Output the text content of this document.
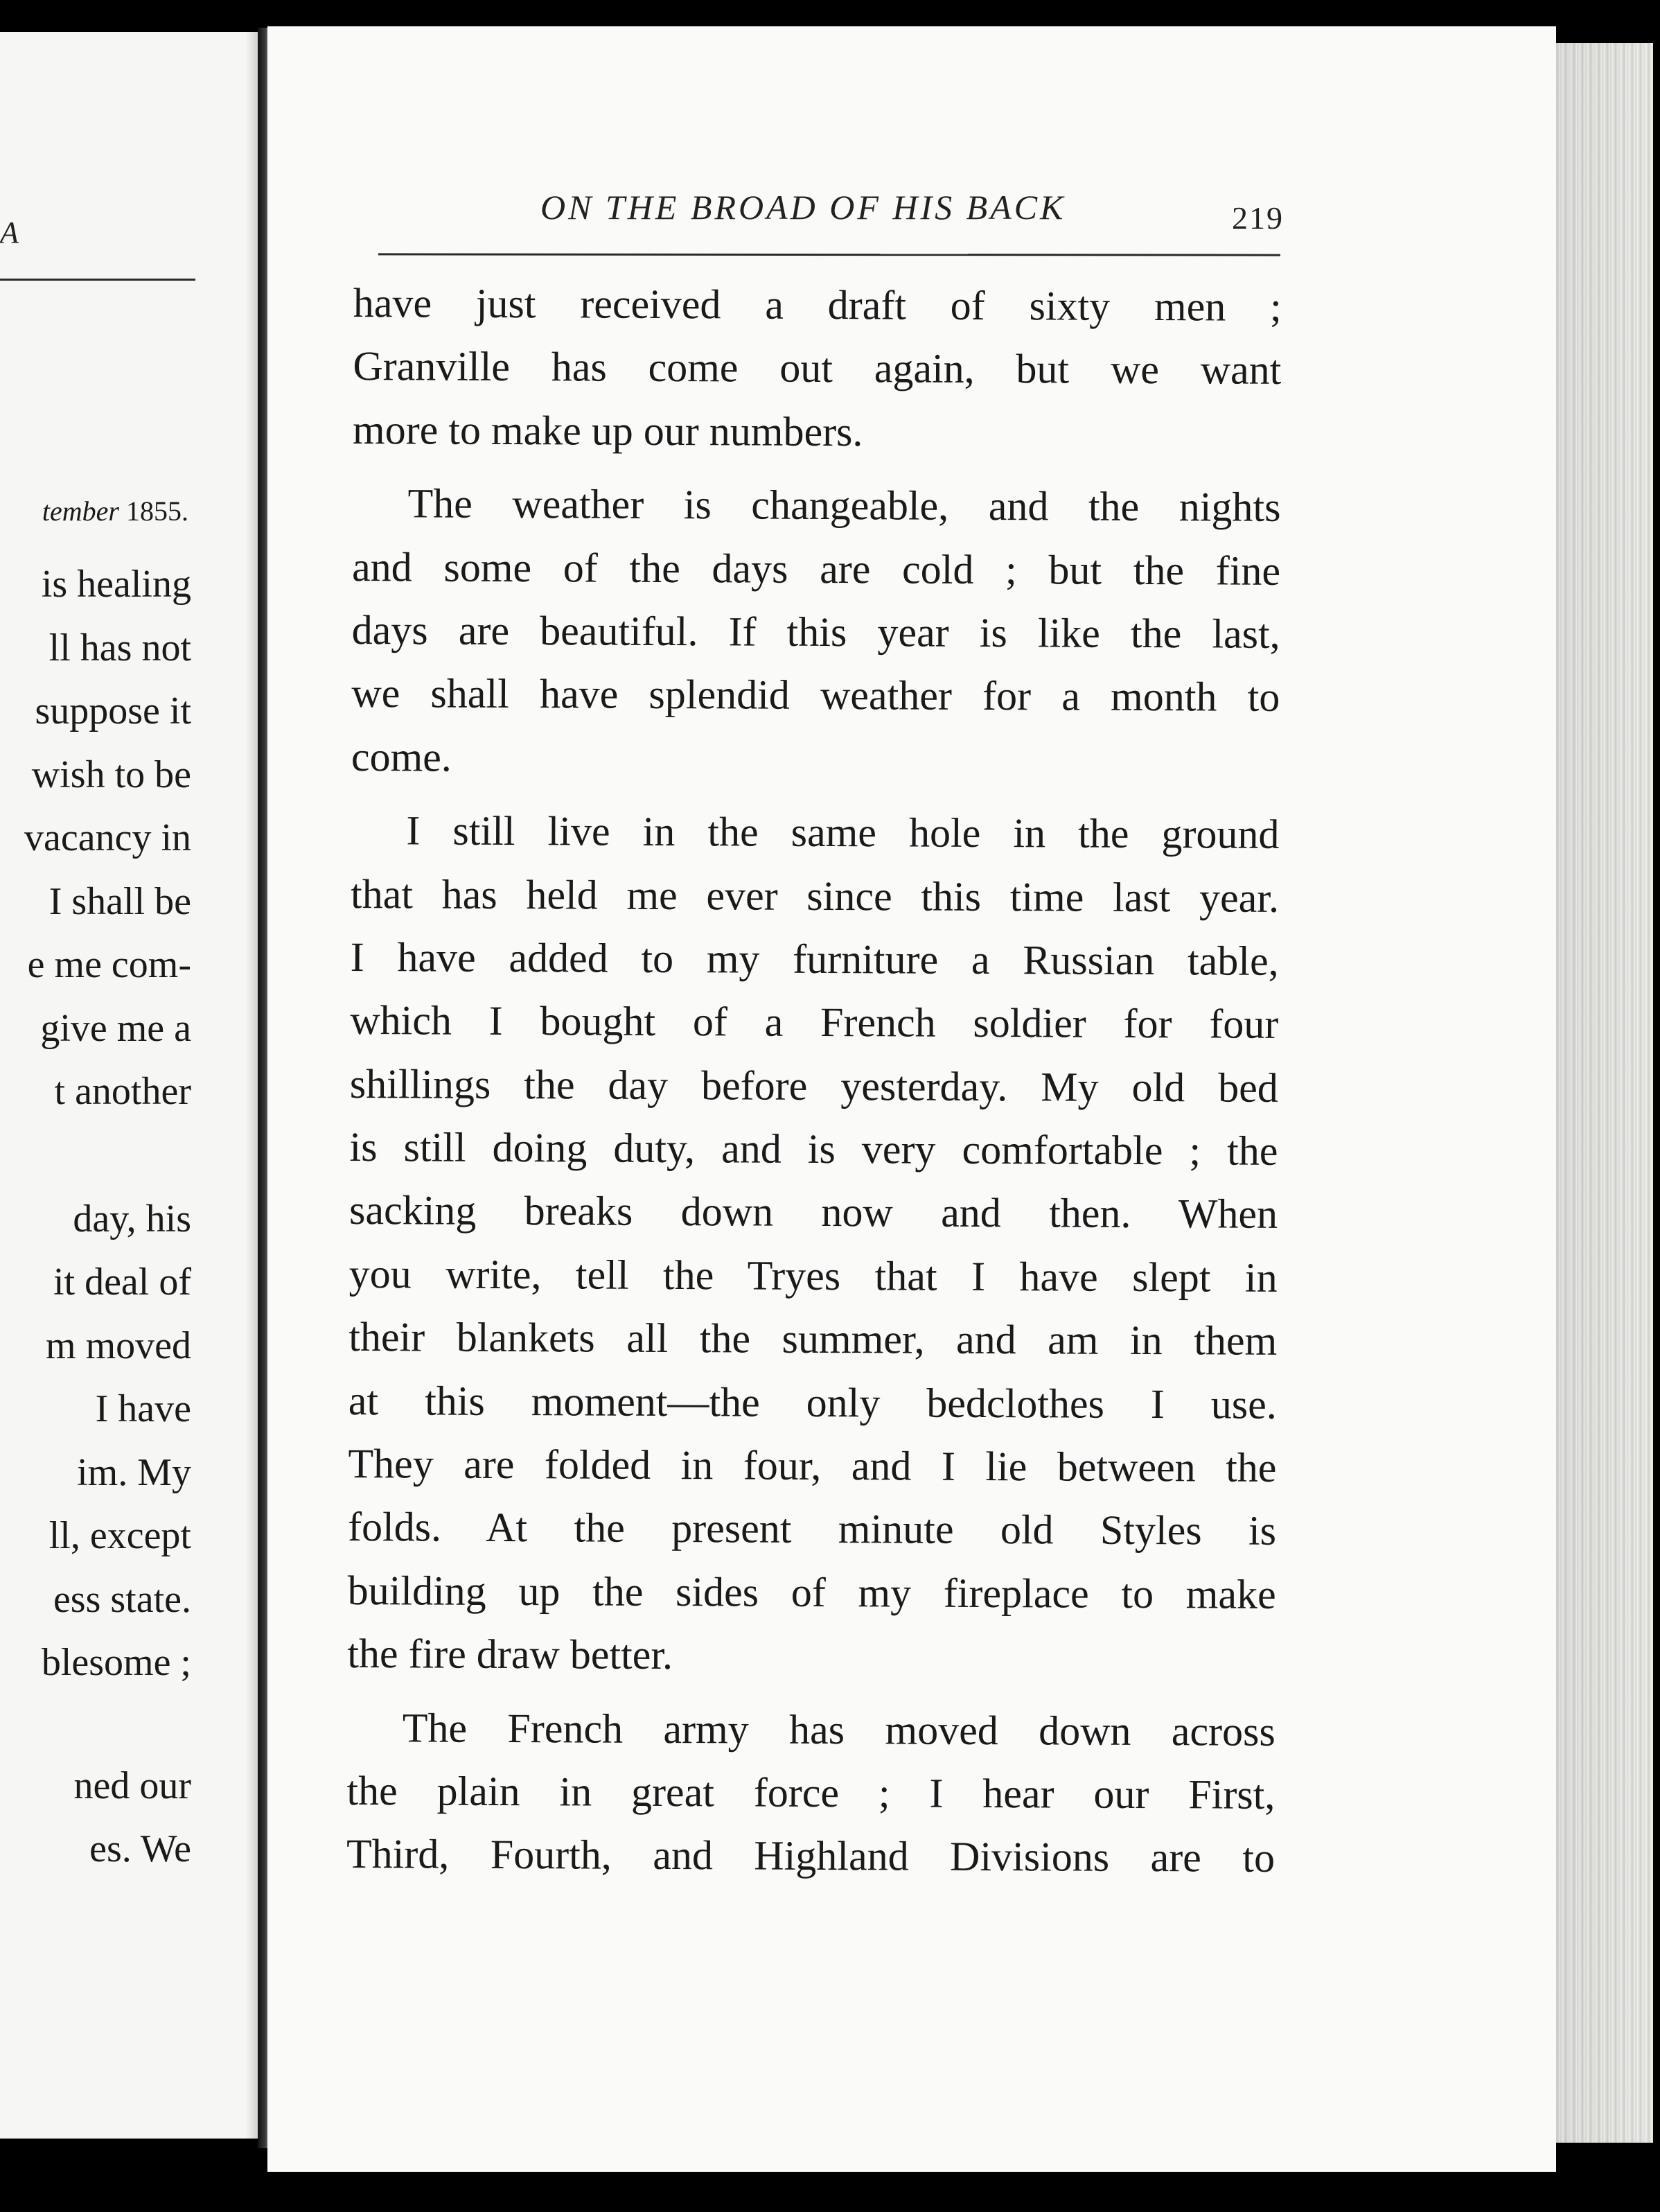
A
tember 1855.
is healing
ll has not
suppose it
wish to be
vacancy in
I shall be
e me com-
give me a
t another
day, his
it deal of
m moved
I have
im. My
ll, except
ess state.
blesome ;
ned our
es. We
ON THE BROAD OF HIS BACK	219
have just received a draft of sixty men ;
Granville has come out again, but we want
more to make up our numbers.
The weather is changeable, and the nights
and some of the days are cold ; but the fine
days are beautiful. If this year is like the last,
we shall have splendid weather for a month to
come.
I still live in the same hole in the ground
that has held me ever since this time last year.
I have added to my furniture a Russian table,
which I bought of a French soldier for four
shillings the day before yesterday. My old bed
is still doing duty, and is very comfortable ; the
sacking breaks down now and then. When
you write, tell the Tryes that I have slept in
their blankets all the summer, and am in them
at this moment—the only bedclothes I use.
They are folded in four, and I lie between the
folds. At the present minute old Styles is
building up the sides of my fireplace to make
the fire draw better.
The French army has moved down across
the plain in great force ; I hear our First,
Third, Fourth, and Highland Divisions are to
